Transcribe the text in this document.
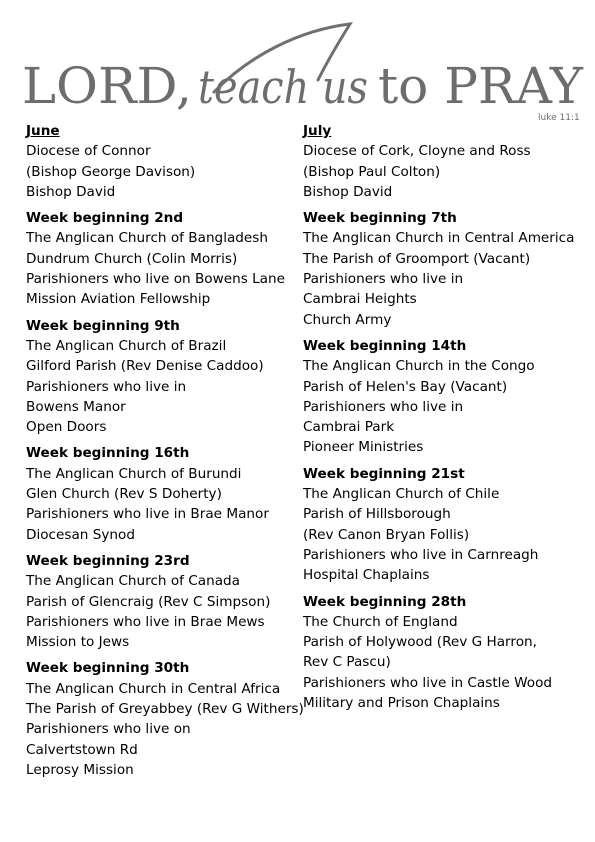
LORD, teach us to PRAY
luke 11:1
June
Diocese of Connor
(Bishop George Davison)
Bishop David
Week beginning 2nd
The Anglican Church of Bangladesh
Dundrum Church (Colin Morris)
Parishioners who live on Bowens Lane
Mission Aviation Fellowship
Week beginning 9th
The Anglican Church of Brazil
Gilford Parish (Rev Denise Caddoo)
Parishioners who live in
Bowens Manor
Open Doors
Week beginning 16th
The Anglican Church of Burundi
Glen Church (Rev S Doherty)
Parishioners who live in Brae Manor
Diocesan Synod
Week beginning 23rd
The Anglican Church of Canada
Parish of Glencraig (Rev C Simpson)
Parishioners who live in Brae Mews
Mission to Jews
Week beginning 30th
The Anglican Church in Central Africa
The Parish of Greyabbey (Rev G Withers)
Parishioners who live on
Calvertstown Rd
Leprosy Mission
July
Diocese of Cork, Cloyne and Ross
(Bishop Paul Colton)
Bishop David
Week beginning 7th
The Anglican Church in Central America
The Parish of Groomport (Vacant)
Parishioners who live in
Cambrai Heights
Church Army
Week beginning 14th
The Anglican Church in the Congo
Parish of Helen's Bay (Vacant)
Parishioners who live in
Cambrai Park
Pioneer Ministries
Week beginning 21st
The Anglican Church of Chile
Parish of Hillsborough
(Rev Canon Bryan Follis)
Parishioners who live in Carnreagh
Hospital Chaplains
Week beginning 28th
The Church of England
Parish of Holywood (Rev G Harron,
Rev C Pascu)
Parishioners who live in Castle Wood
Military and Prison Chaplains
